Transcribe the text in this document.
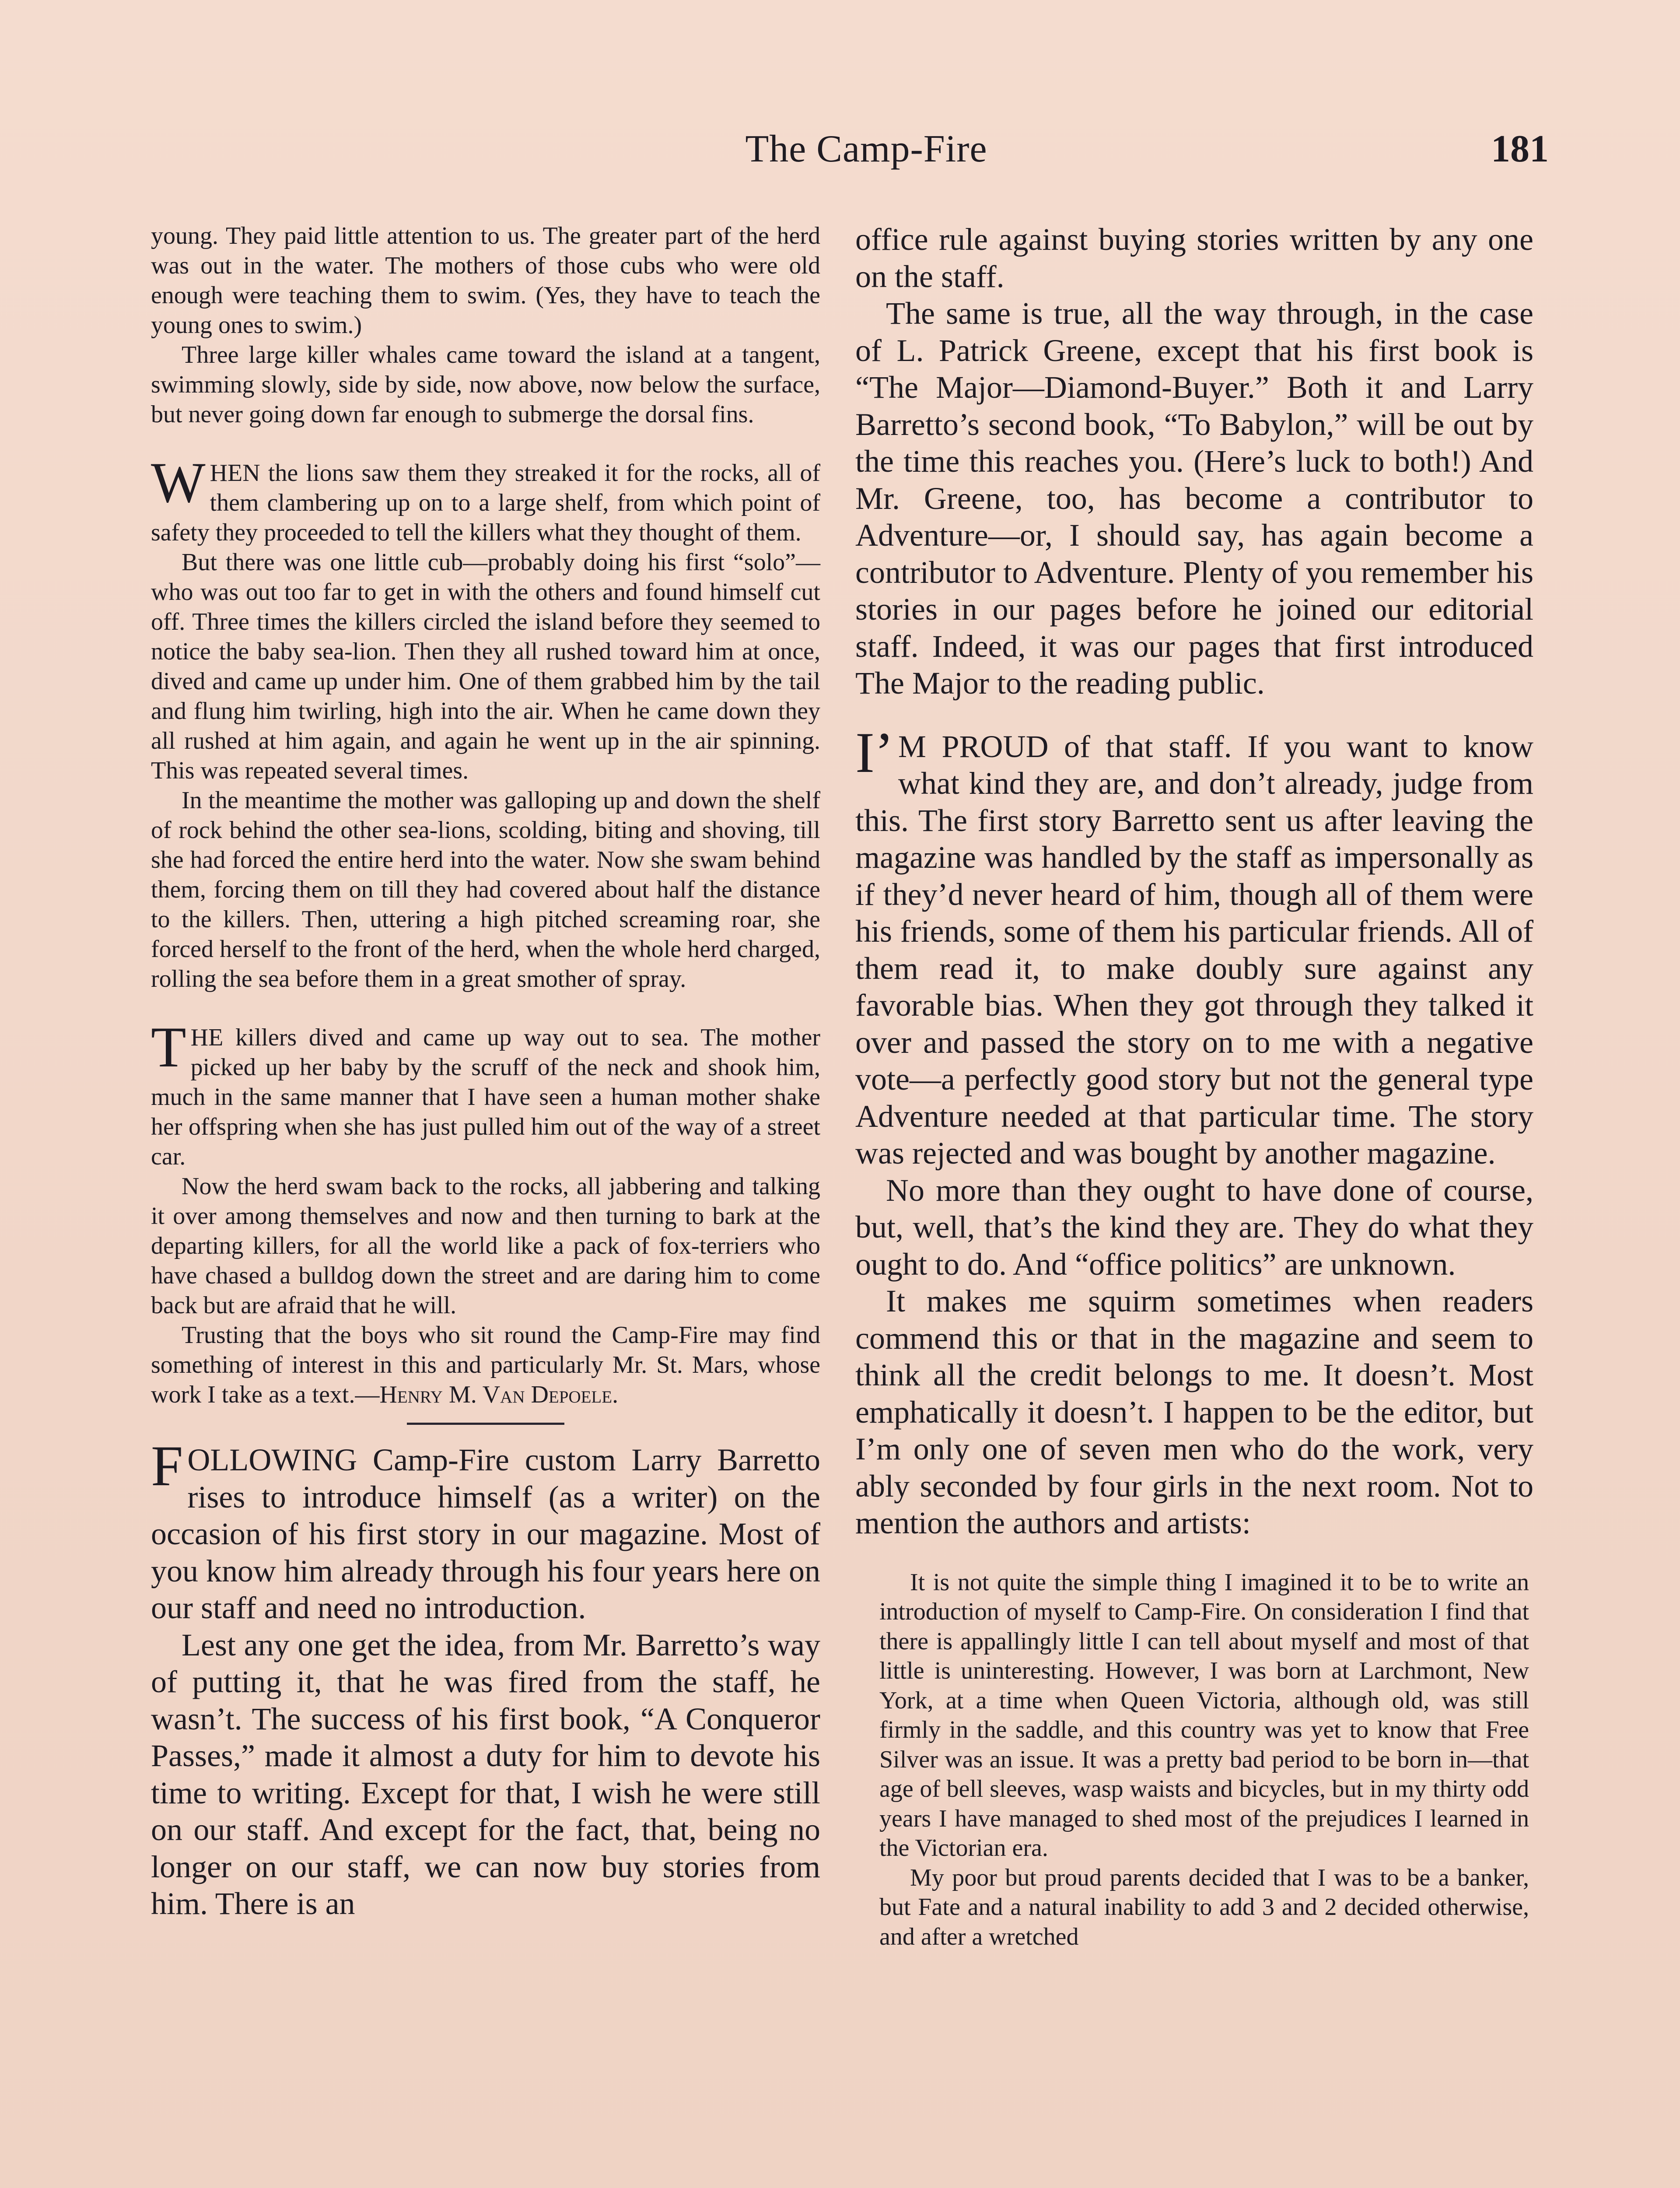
The Camp-Fire	181

young. They paid little attention to us. The greater part of the herd was out in the water. The mothers of those cubs who were old enough were teaching them to swim. (Yes, they have to teach the young ones to swim.)

Three large killer whales came toward the island at a tangent, swimming slowly, side by side, now above, now below the surface, but never going down far enough to submerge the dorsal fins.

WHEN the lions saw them they streaked it for the rocks, all of them clambering up on to a large shelf, from which point of safety they proceeded to tell the killers what they thought of them.

But there was one little cub—probably doing his first “solo”—who was out too far to get in with the others and found himself cut off. Three times the killers circled the island before they seemed to notice the baby sea-lion. Then they all rushed toward him at once, dived and came up under him. One of them grabbed him by the tail and flung him twirling, high into the air. When he came down they all rushed at him again, and again he went up in the air spinning. This was repeated several times.

In the meantime the mother was galloping up and down the shelf of rock behind the other sea-lions, scolding, biting and shoving, till she had forced the entire herd into the water. Now she swam behind them, forcing them on till they had covered about half the distance to the killers. Then, uttering a high pitched screaming roar, she forced herself to the front of the herd, when the whole herd charged, rolling the sea before them in a great smother of spray.

THE killers dived and came up way out to sea. The mother picked up her baby by the scruff of the neck and shook him, much in the same manner that I have seen a human mother shake her offspring when she has just pulled him out of the way of a street car.

Now the herd swam back to the rocks, all jabbering and talking it over among themselves and now and then turning to bark at the departing killers, for all the world like a pack of fox-terriers who have chased a bulldog down the street and are daring him to come back but are afraid that he will.

Trusting that the boys who sit round the Camp-Fire may find something of interest in this and particularly Mr. St. Mars, whose work I take as a text.—Henry M. Van Depoele.

FOLLOWING Camp-Fire custom Larry Barretto rises to introduce himself (as a writer) on the occasion of his first story in our magazine. Most of you know him already through his four years here on our staff and need no introduction.

Lest any one get the idea, from Mr. Barretto’s way of putting it, that he was fired from the staff, he wasn’t. The success of his first book, “A Conqueror Passes,” made it almost a duty for him to devote his time to writing. Except for that, I wish he were still on our staff. And except for the fact, that, being no longer on our staff, we can now buy stories from him. There is an

office rule against buying stories written by any one on the staff.

The same is true, all the way through, in the case of L. Patrick Greene, except that his first book is “The Major—Diamond-Buyer.” Both it and Larry Barretto’s second book, “To Babylon,” will be out by the time this reaches you. (Here’s luck to both!) And Mr. Greene, too, has become a contributor to Adventure—or, I should say, has again become a contributor to Adventure. Plenty of you remember his stories in our pages before he joined our editorial staff. Indeed, it was our pages that first introduced The Major to the reading public.

I’M PROUD of that staff. If you want to know what kind they are, and don’t already, judge from this. The first story Barretto sent us after leaving the magazine was handled by the staff as impersonally as if they’d never heard of him, though all of them were his friends, some of them his particular friends. All of them read it, to make doubly sure against any favorable bias. When they got through they talked it over and passed the story on to me with a negative vote—a perfectly good story but not the general type Adventure needed at that particular time. The story was rejected and was bought by another magazine.

No more than they ought to have done of course, but, well, that’s the kind they are. They do what they ought to do. And “office politics” are unknown.

It makes me squirm sometimes when readers commend this or that in the magazine and seem to think all the credit belongs to me. It doesn’t. Most emphatically it doesn’t. I happen to be the editor, but I’m only one of seven men who do the work, very ably seconded by four girls in the next room. Not to mention the authors and artists:

It is not quite the simple thing I imagined it to be to write an introduction of myself to Camp-Fire. On consideration I find that there is appallingly little I can tell about myself and most of that little is uninteresting. However, I was born at Larchmont, New York, at a time when Queen Victoria, although old, was still firmly in the saddle, and this country was yet to know that Free Silver was an issue. It was a pretty bad period to be born in—that age of bell sleeves, wasp waists and bicycles, but in my thirty odd years I have managed to shed most of the prejudices I learned in the Victorian era.

My poor but proud parents decided that I was to be a banker, but Fate and a natural inability to add 3 and 2 decided otherwise, and after a wretched
